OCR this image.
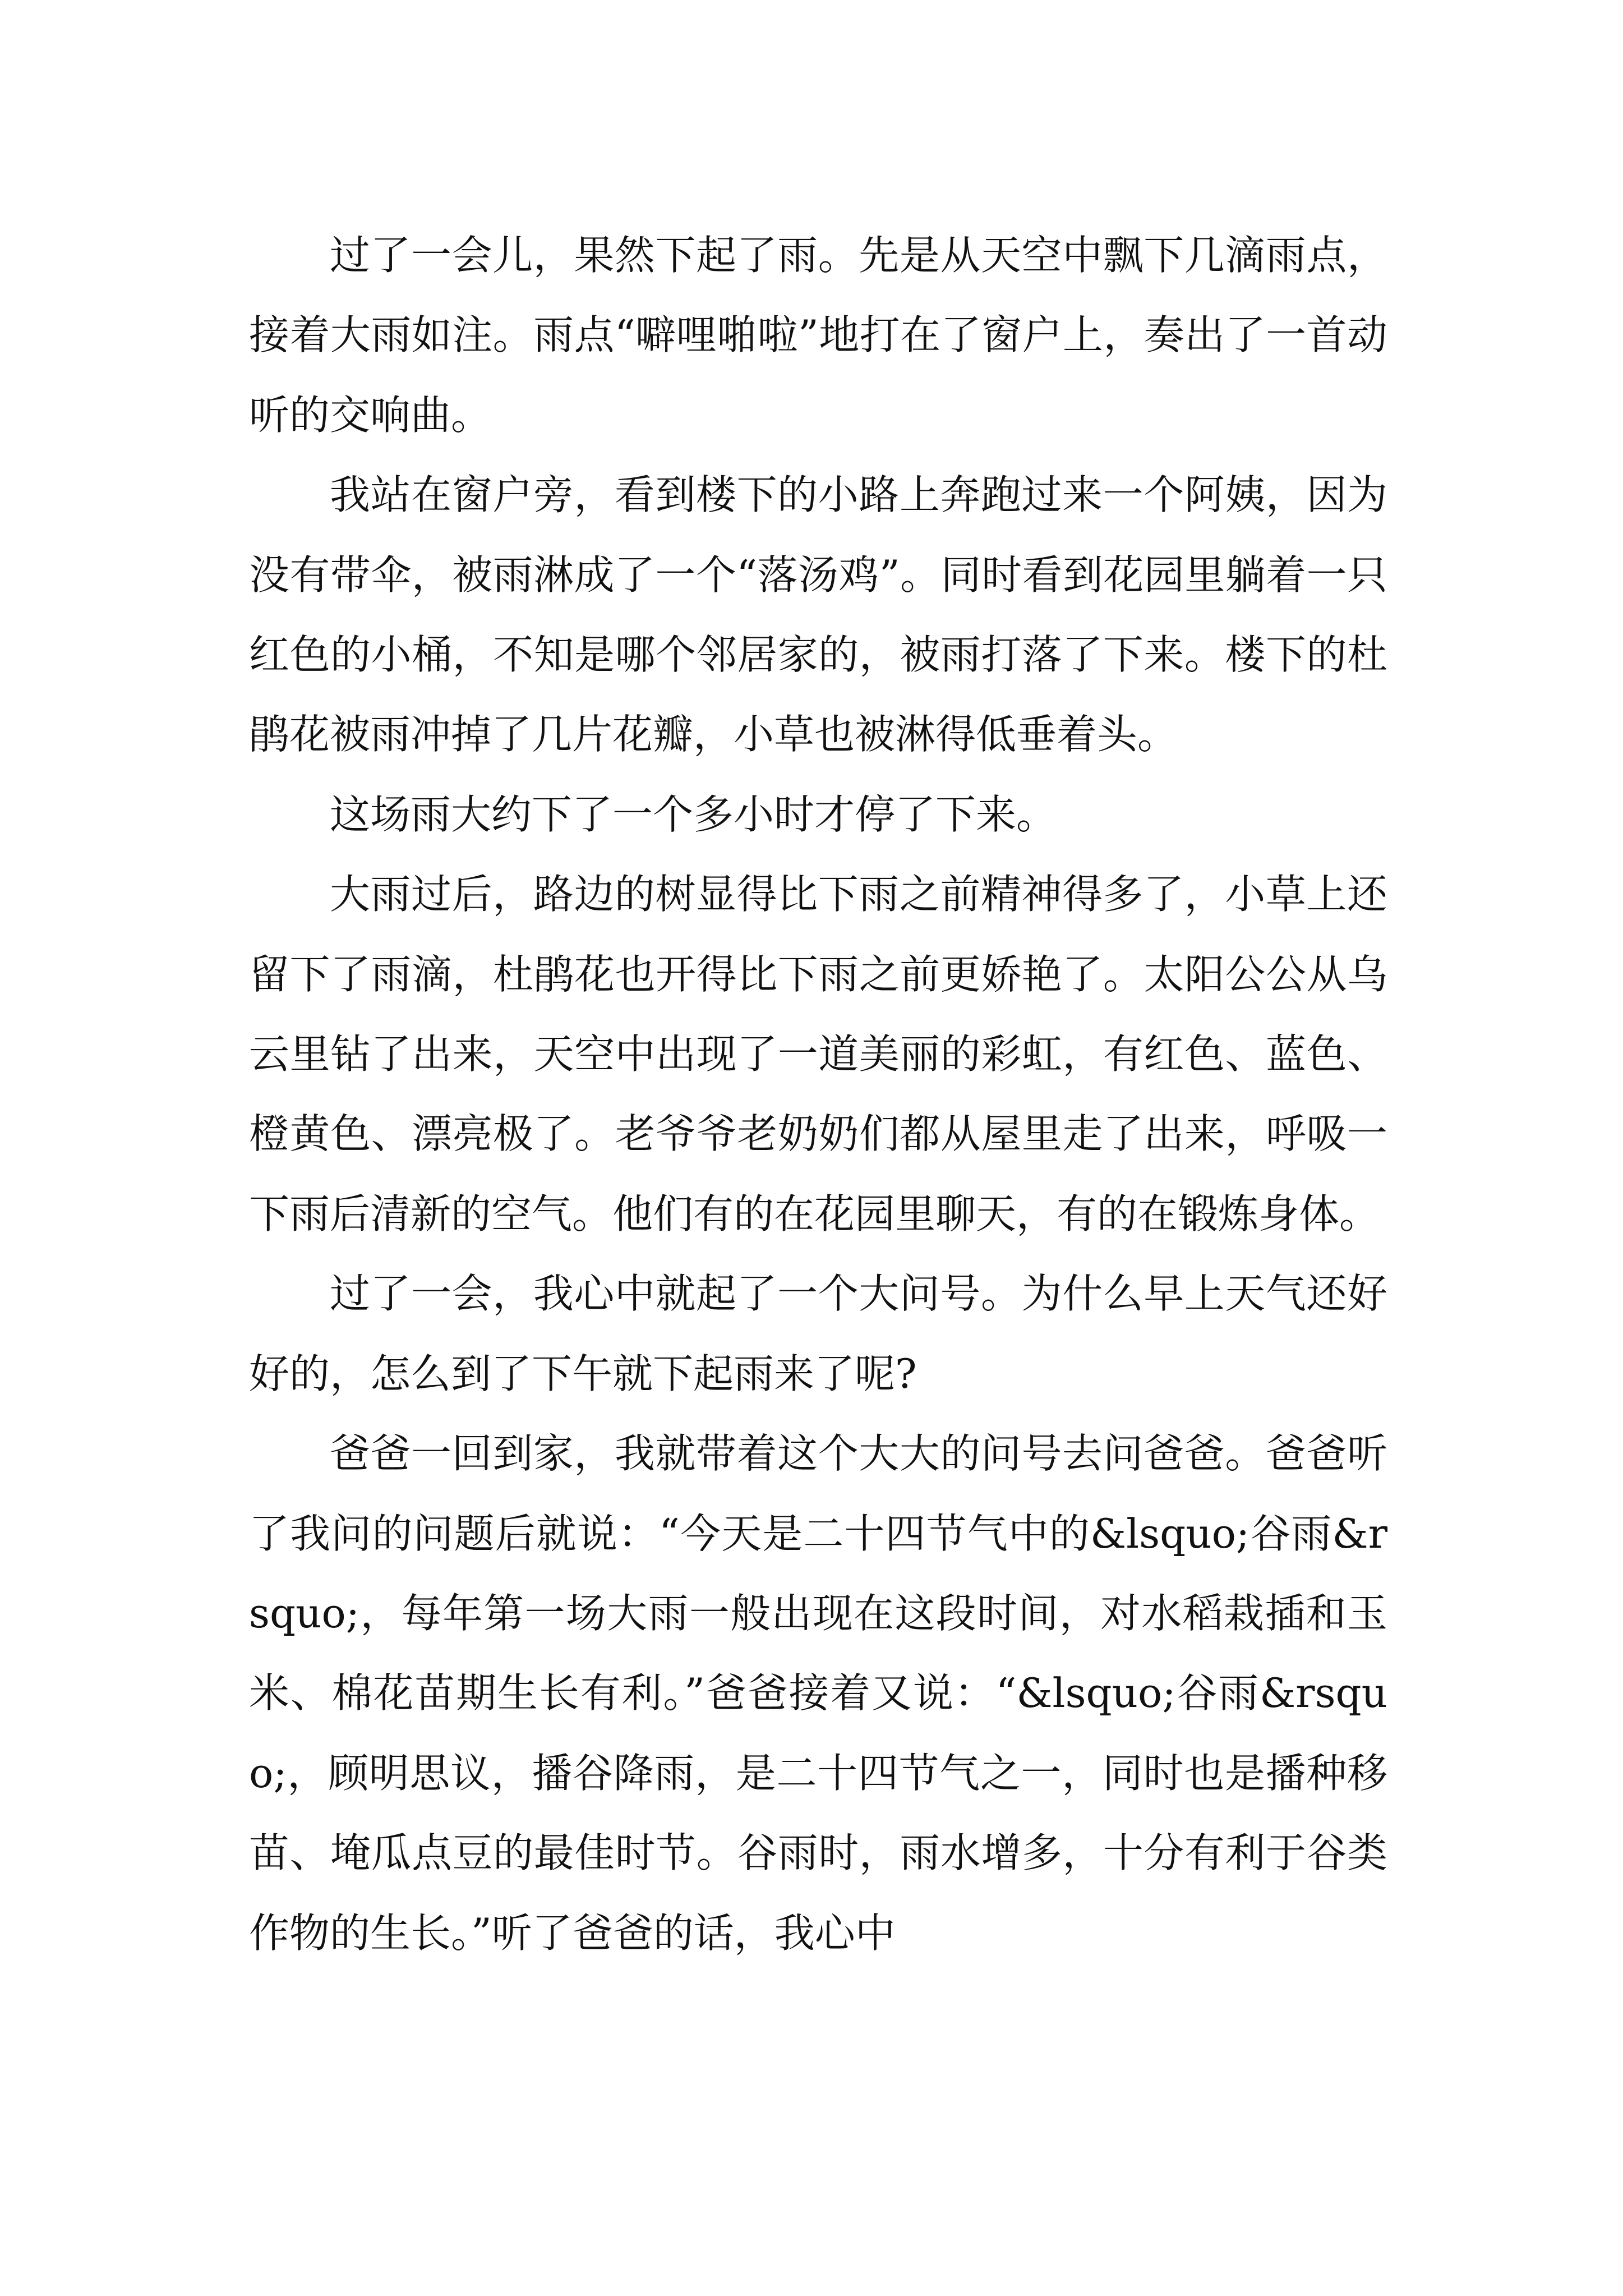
过了一会儿，果然下起了雨。先是从天空中飘下几滴雨点，接着大雨如注。雨点“噼哩啪啦”地打在了窗户上，奏出了一首动听的交响曲。

我站在窗户旁，看到楼下的小路上奔跑过来一个阿姨，因为没有带伞，被雨淋成了一个“落汤鸡”。同时看到花园里躺着一只红色的小桶，不知是哪个邻居家的，被雨打落了下来。楼下的杜鹃花被雨冲掉了几片花瓣，小草也被淋得低垂着头。

这场雨大约下了一个多小时才停了下来。

大雨过后，路边的树显得比下雨之前精神得多了，小草上还留下了雨滴，杜鹃花也开得比下雨之前更娇艳了。太阳公公从乌云里钻了出来，天空中出现了一道美丽的彩虹，有红色、蓝色、橙黄色、漂亮极了。老爷爷老奶奶们都从屋里走了出来，呼吸一下雨后清新的空气。他们有的在花园里聊天，有的在锻炼身体。

过了一会，我心中就起了一个大问号。为什么早上天气还好好的，怎么到了下午就下起雨来了呢?

爸爸一回到家，我就带着这个大大的问号去问爸爸。爸爸听了我问的问题后就说：“今天是二十四节气中的&lsquo;谷雨&rsquo;，每年第一场大雨一般出现在这段时间，对水稻栽插和玉米、棉花苗期生长有利。”爸爸接着又说：“&lsquo;谷雨&rsquo;，顾明思议，播谷降雨，是二十四节气之一，同时也是播种移苗、埯瓜点豆的最佳时节。谷雨时，雨水增多，十分有利于谷类作物的生长。”听了爸爸的话，我心中
